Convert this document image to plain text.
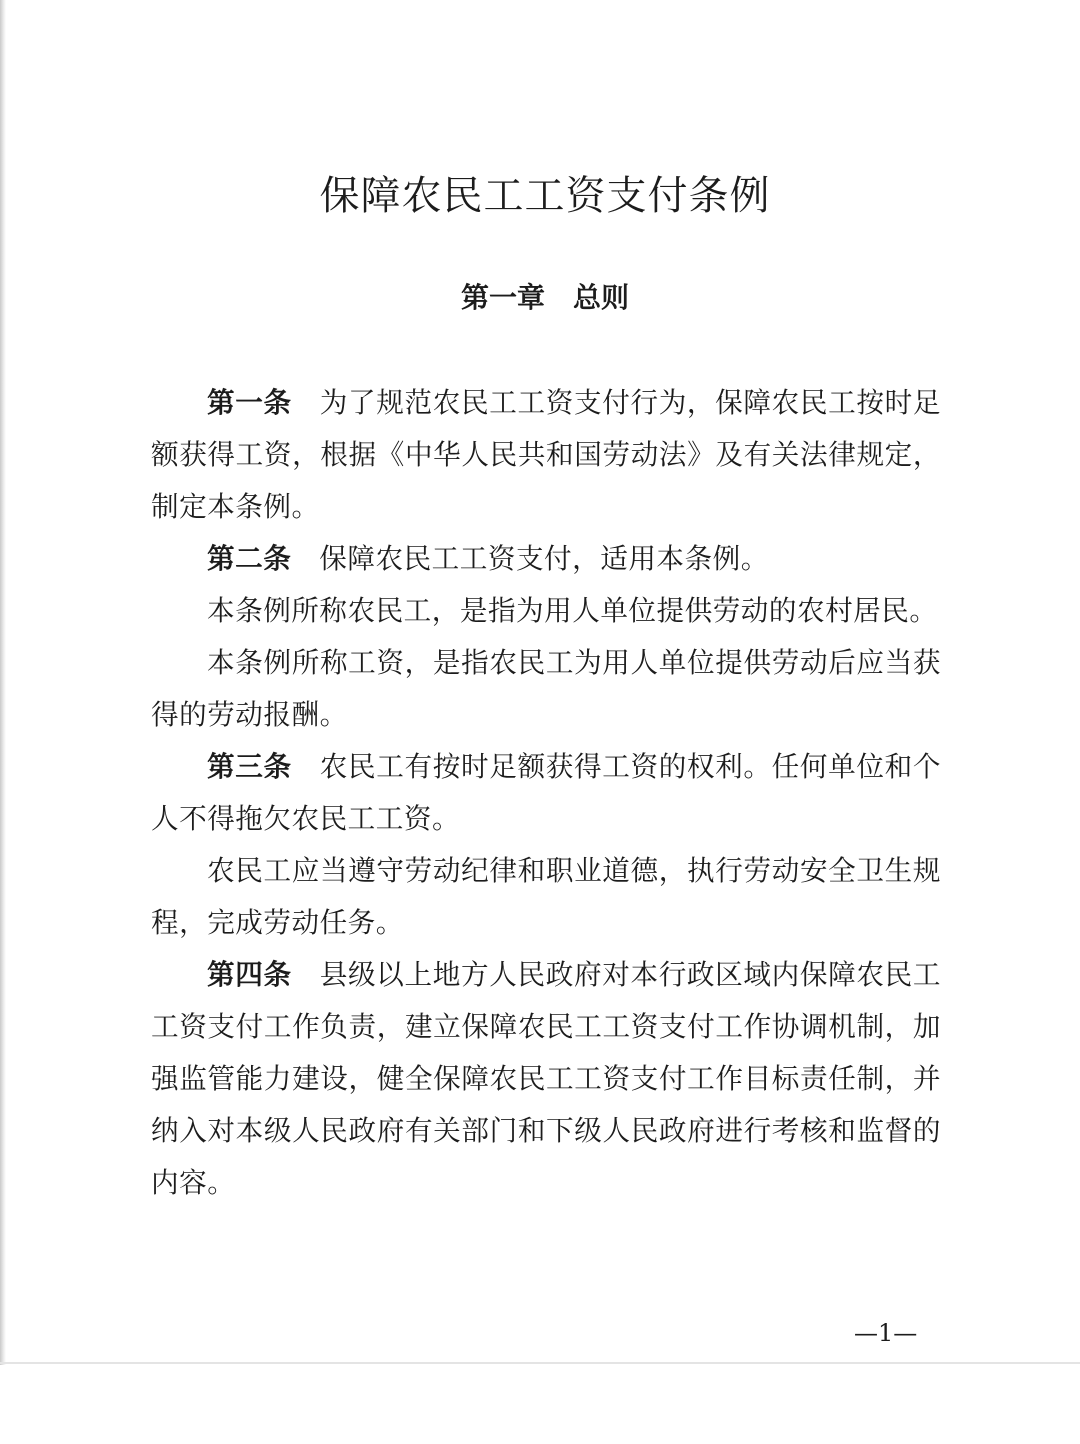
保障农民工工资支付条例
第一章　总则

第一条 为了规范农民工工资支付行为，保障农民工按时足额获得工资，根据《中华人民共和国劳动法》及有关法律规定，制定本条例。

第二条 保障农民工工资支付，适用本条例。

本条例所称农民工，是指为用人单位提供劳动的农村居民。

本条例所称工资，是指农民工为用人单位提供劳动后应当获得的劳动报酬。

第三条 农民工有按时足额获得工资的权利。任何单位和个人不得拖欠农民工工资。

农民工应当遵守劳动纪律和职业道德，执行劳动安全卫生规程，完成劳动任务。

第四条 县级以上地方人民政府对本行政区域内保障农民工工资支付工作负责，建立保障农民工工资支付工作协调机制，加强监管能力建设，健全保障农民工工资支付工作目标责任制，并纳入对本级人民政府有关部门和下级人民政府进行考核和监督的内容。

—1—
